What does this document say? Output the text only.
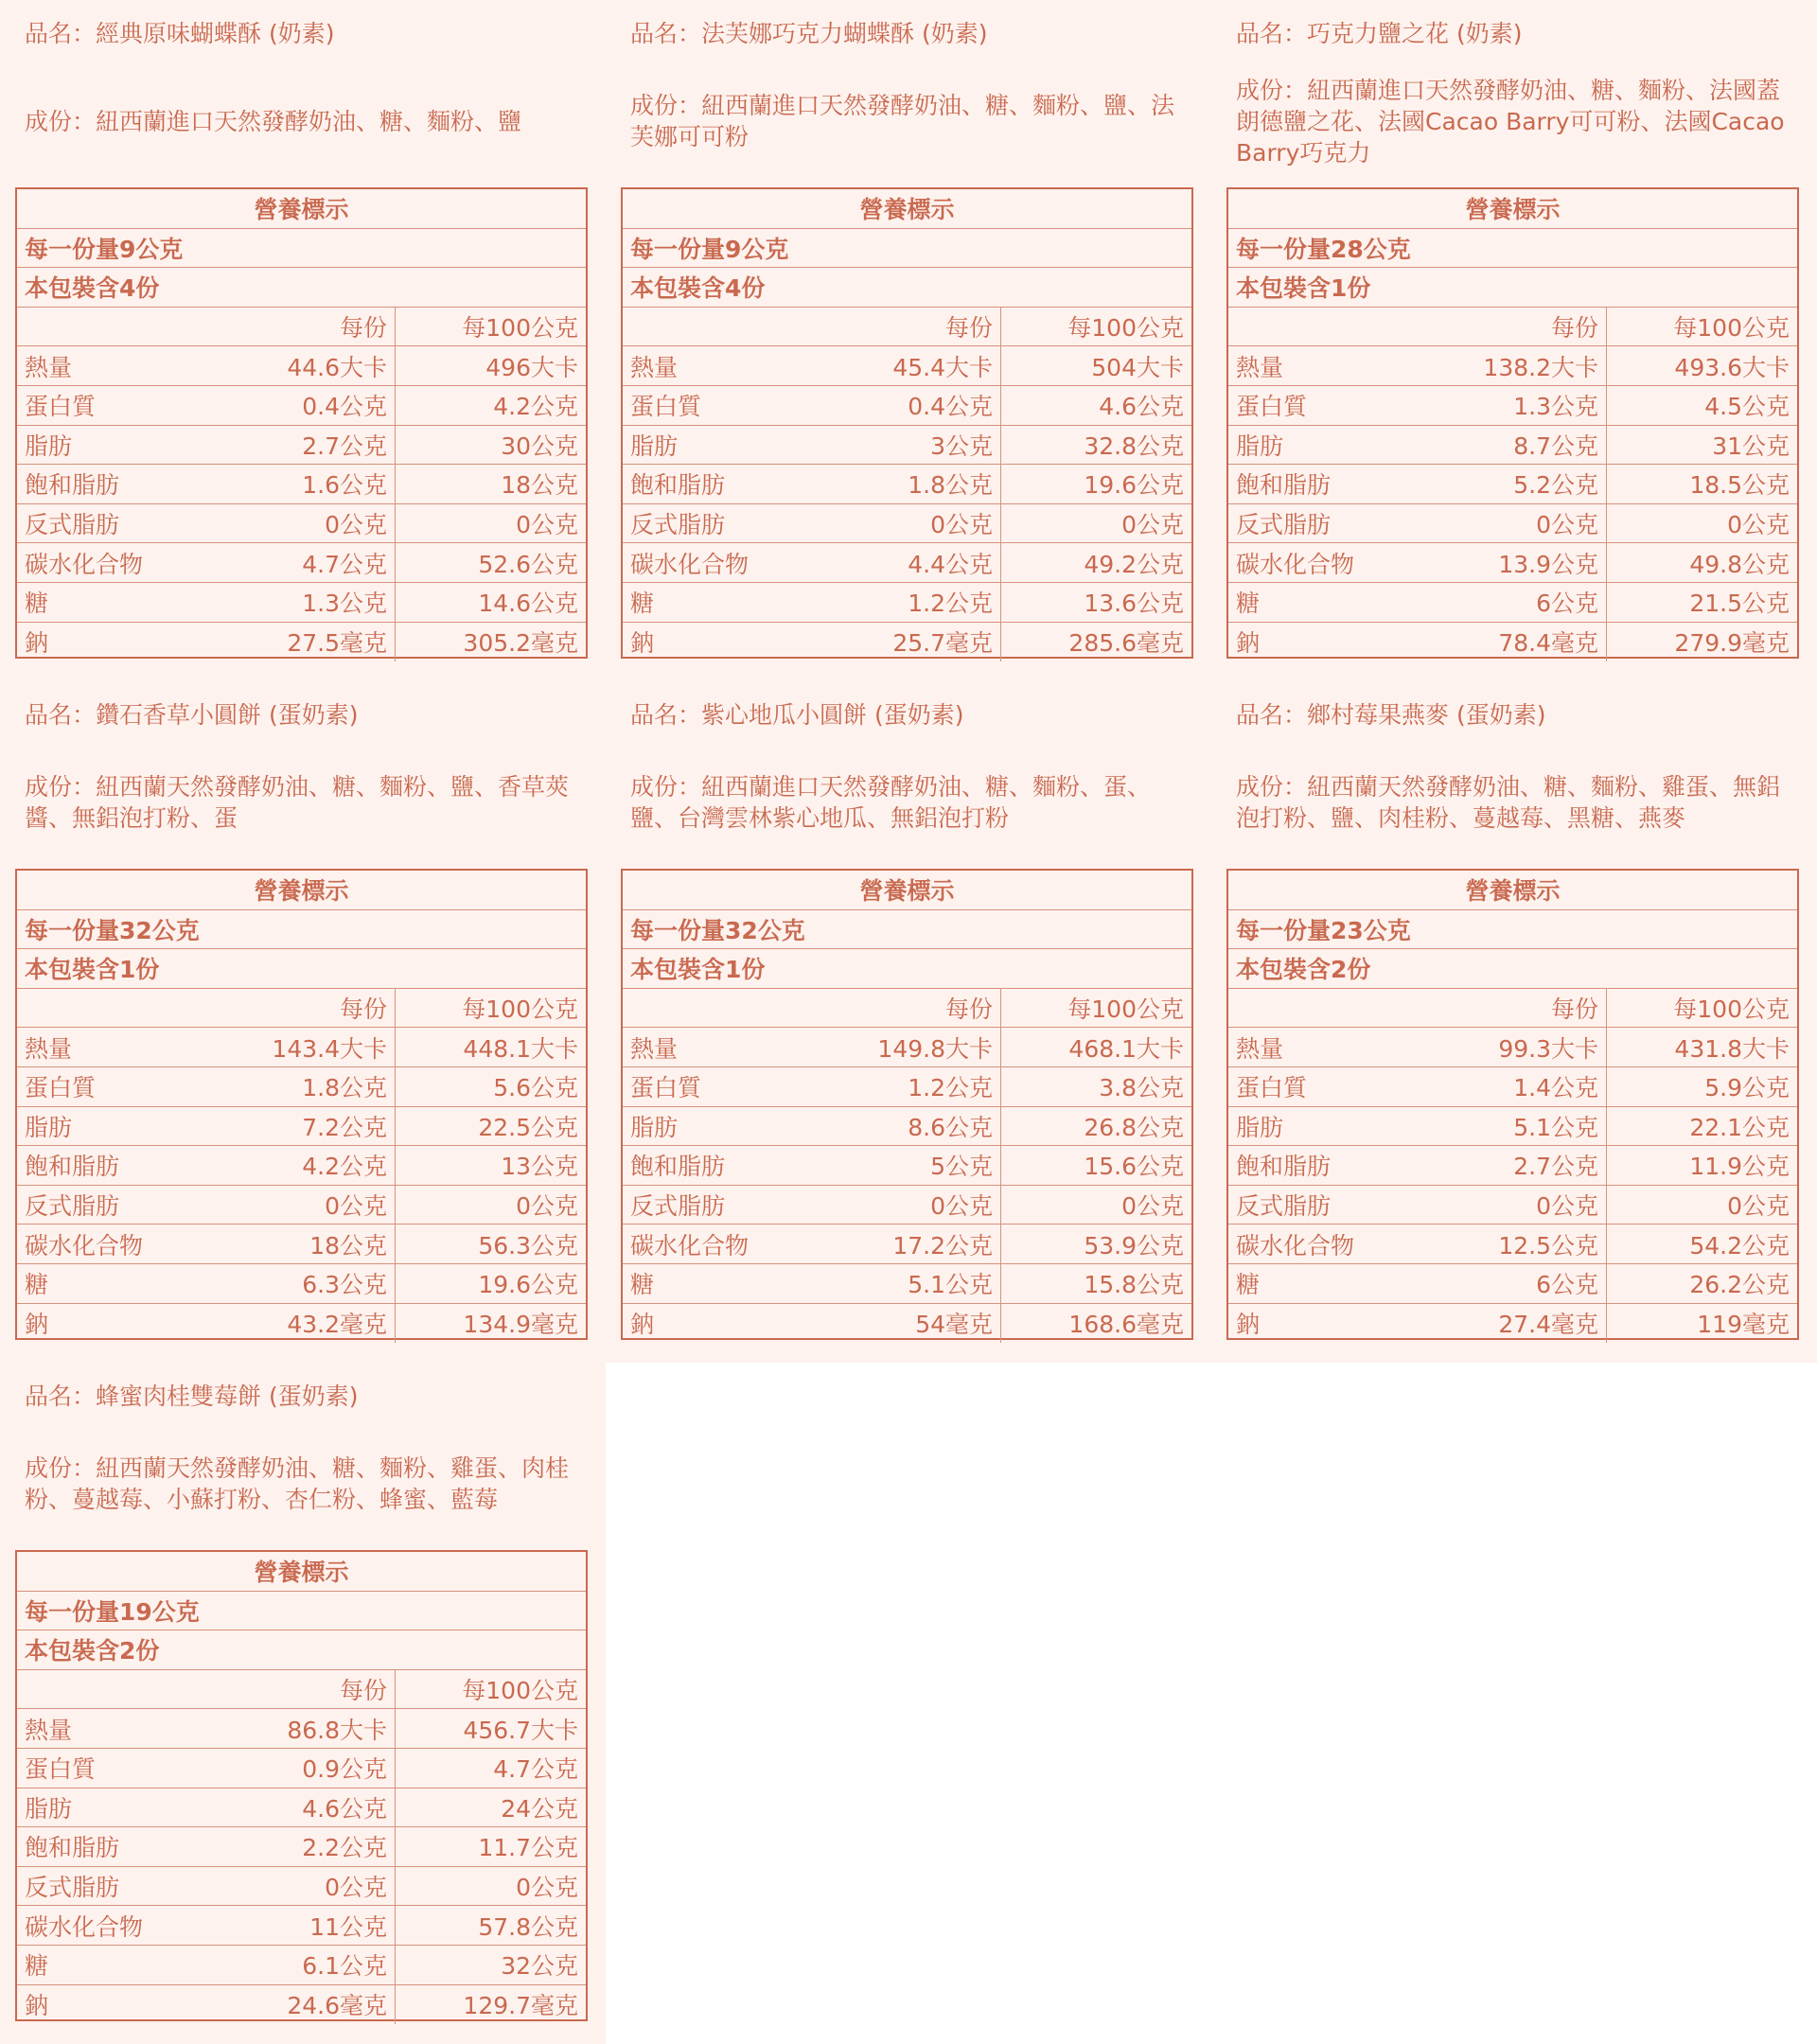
品名：經典原味蝴蝶酥 (奶素)
成份：紐西蘭進口天然發酵奶油、糖、麵粉、鹽
營養標示
每一份量9公克
本包裝含4份
每份	每100公克
熱量	44.6大卡	496大卡
蛋白質	0.4公克	4.2公克
脂肪	2.7公克	30公克
飽和脂肪	1.6公克	18公克
反式脂肪	0公克	0公克
碳水化合物	4.7公克	52.6公克
糖	1.3公克	14.6公克
鈉	27.5毫克	305.2毫克
品名：法芙娜巧克力蝴蝶酥 (奶素)
成份：紐西蘭進口天然發酵奶油、糖、麵粉、鹽、法芙娜可可粉
營養標示
每一份量9公克
本包裝含4份
每份	每100公克
熱量	45.4大卡	504大卡
蛋白質	0.4公克	4.6公克
脂肪	3公克	32.8公克
飽和脂肪	1.8公克	19.6公克
反式脂肪	0公克	0公克
碳水化合物	4.4公克	49.2公克
糖	1.2公克	13.6公克
鈉	25.7毫克	285.6毫克
品名：巧克力鹽之花 (奶素)
成份：紐西蘭進口天然發酵奶油、糖、麵粉、法國蓋朗德鹽之花、法國Cacao Barry可可粉、法國Cacao Barry巧克力
營養標示
每一份量28公克
本包裝含1份
每份	每100公克
熱量	138.2大卡	493.6大卡
蛋白質	1.3公克	4.5公克
脂肪	8.7公克	31公克
飽和脂肪	5.2公克	18.5公克
反式脂肪	0公克	0公克
碳水化合物	13.9公克	49.8公克
糖	6公克	21.5公克
鈉	78.4毫克	279.9毫克
品名：鑽石香草小圓餅 (蛋奶素)
成份：紐西蘭天然發酵奶油、糖、麵粉、鹽、香草莢醬、無鋁泡打粉、蛋
營養標示
每一份量32公克
本包裝含1份
每份	每100公克
熱量	143.4大卡	448.1大卡
蛋白質	1.8公克	5.6公克
脂肪	7.2公克	22.5公克
飽和脂肪	4.2公克	13公克
反式脂肪	0公克	0公克
碳水化合物	18公克	56.3公克
糖	6.3公克	19.6公克
鈉	43.2毫克	134.9毫克
品名：紫心地瓜小圓餅 (蛋奶素)
成份：紐西蘭進口天然發酵奶油、糖、麵粉、蛋、鹽、台灣雲林紫心地瓜、無鋁泡打粉
營養標示
每一份量32公克
本包裝含1份
每份	每100公克
熱量	149.8大卡	468.1大卡
蛋白質	1.2公克	3.8公克
脂肪	8.6公克	26.8公克
飽和脂肪	5公克	15.6公克
反式脂肪	0公克	0公克
碳水化合物	17.2公克	53.9公克
糖	5.1公克	15.8公克
鈉	54毫克	168.6毫克
品名：鄉村莓果燕麥 (蛋奶素)
成份：紐西蘭天然發酵奶油、糖、麵粉、雞蛋、無鋁泡打粉、鹽、肉桂粉、蔓越莓、黑糖、燕麥
營養標示
每一份量23公克
本包裝含2份
每份	每100公克
熱量	99.3大卡	431.8大卡
蛋白質	1.4公克	5.9公克
脂肪	5.1公克	22.1公克
飽和脂肪	2.7公克	11.9公克
反式脂肪	0公克	0公克
碳水化合物	12.5公克	54.2公克
糖	6公克	26.2公克
鈉	27.4毫克	119毫克
品名：蜂蜜肉桂雙莓餅 (蛋奶素)
成份：紐西蘭天然發酵奶油、糖、麵粉、雞蛋、肉桂粉、蔓越莓、小蘇打粉、杏仁粉、蜂蜜、藍莓
營養標示
每一份量19公克
本包裝含2份
每份	每100公克
熱量	86.8大卡	456.7大卡
蛋白質	0.9公克	4.7公克
脂肪	4.6公克	24公克
飽和脂肪	2.2公克	11.7公克
反式脂肪	0公克	0公克
碳水化合物	11公克	57.8公克
糖	6.1公克	32公克
鈉	24.6毫克	129.7毫克
